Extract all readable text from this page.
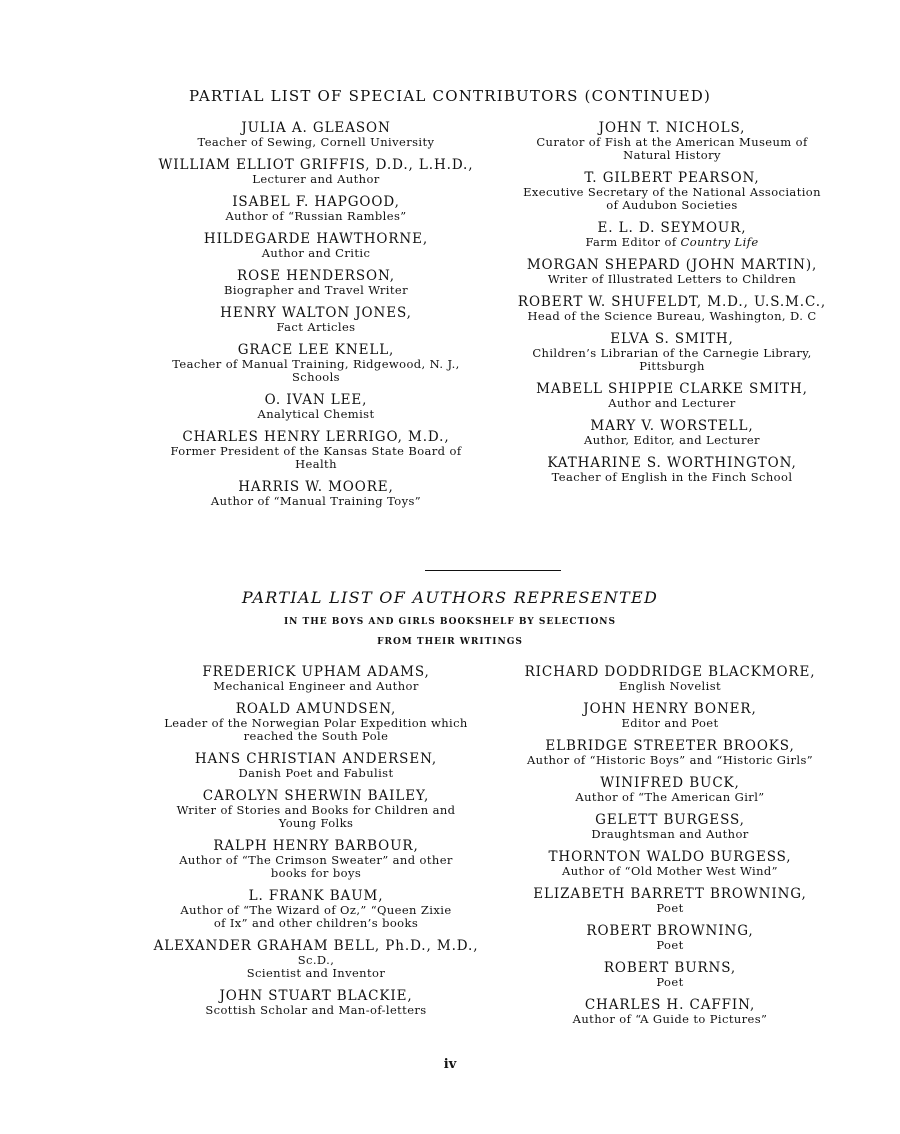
PARTIAL LIST OF SPECIAL CONTRIBUTORS (CONTINUED)
JULIA A. GLEASON
Teacher of Sewing, Cornell University
WILLIAM ELLIOT GRIFFIS, D.D., L.H.D.,
Lecturer and Author
ISABEL F. HAPGOOD,
Author of “Russian Rambles”
HILDEGARDE HAWTHORNE,
Author and Critic
ROSE HENDERSON,
Biographer and Travel Writer
HENRY WALTON JONES,
Fact Articles
GRACE LEE KNELL,
Teacher of Manual Training, Ridgewood, N. J.,
Schools
O. IVAN LEE,
Analytical Chemist
CHARLES HENRY LERRIGO, M.D.,
Former President of the Kansas State Board of
Health
HARRIS W. MOORE,
Author of “Manual Training Toys”
JOHN T. NICHOLS,
Curator of Fish at the American Museum of
Natural History
T. GILBERT PEARSON,
Executive Secretary of the National Association
of Audubon Societies
E. L. D. SEYMOUR,
Farm Editor of Country Life
MORGAN SHEPARD (JOHN MARTIN),
Writer of Illustrated Letters to Children
ROBERT W. SHUFELDT, M.D., U.S.M.C.,
Head of the Science Bureau, Washington, D. C
ELVA S. SMITH,
Children’s Librarian of the Carnegie Library,
Pittsburgh
MABELL SHIPPIE CLARKE SMITH,
Author and Lecturer
MARY V. WORSTELL,
Author, Editor, and Lecturer
KATHARINE S. WORTHINGTON,
Teacher of English in the Finch School
PARTIAL LIST OF AUTHORS REPRESENTED
IN THE BOYS AND GIRLS BOOKSHELF BY SELECTIONS
FROM THEIR WRITINGS
FREDERICK UPHAM ADAMS,
Mechanical Engineer and Author
ROALD AMUNDSEN,
Leader of the Norwegian Polar Expedition which
reached the South Pole
HANS CHRISTIAN ANDERSEN,
Danish Poet and Fabulist
CAROLYN SHERWIN BAILEY,
Writer of Stories and Books for Children and
Young Folks
RALPH HENRY BARBOUR,
Author of “The Crimson Sweater” and other
books for boys
L. FRANK BAUM,
Author of “The Wizard of Oz,” “Queen Zixie
of Ix” and other children’s books
ALEXANDER GRAHAM BELL, Ph.D., M.D.,
Sc.D.,
Scientist and Inventor
JOHN STUART BLACKIE,
Scottish Scholar and Man-of-letters
RICHARD DODDRIDGE BLACKMORE,
English Novelist
JOHN HENRY BONER,
Editor and Poet
ELBRIDGE STREETER BROOKS,
Author of “Historic Boys” and “Historic Girls”
WINIFRED BUCK,
Author of “The American Girl”
GELETT BURGESS,
Draughtsman and Author
THORNTON WALDO BURGESS,
Author of “Old Mother West Wind”
ELIZABETH BARRETT BROWNING,
Poet
ROBERT BROWNING,
Poet
ROBERT BURNS,
Poet
CHARLES H. CAFFIN,
Author of “A Guide to Pictures”
iv
